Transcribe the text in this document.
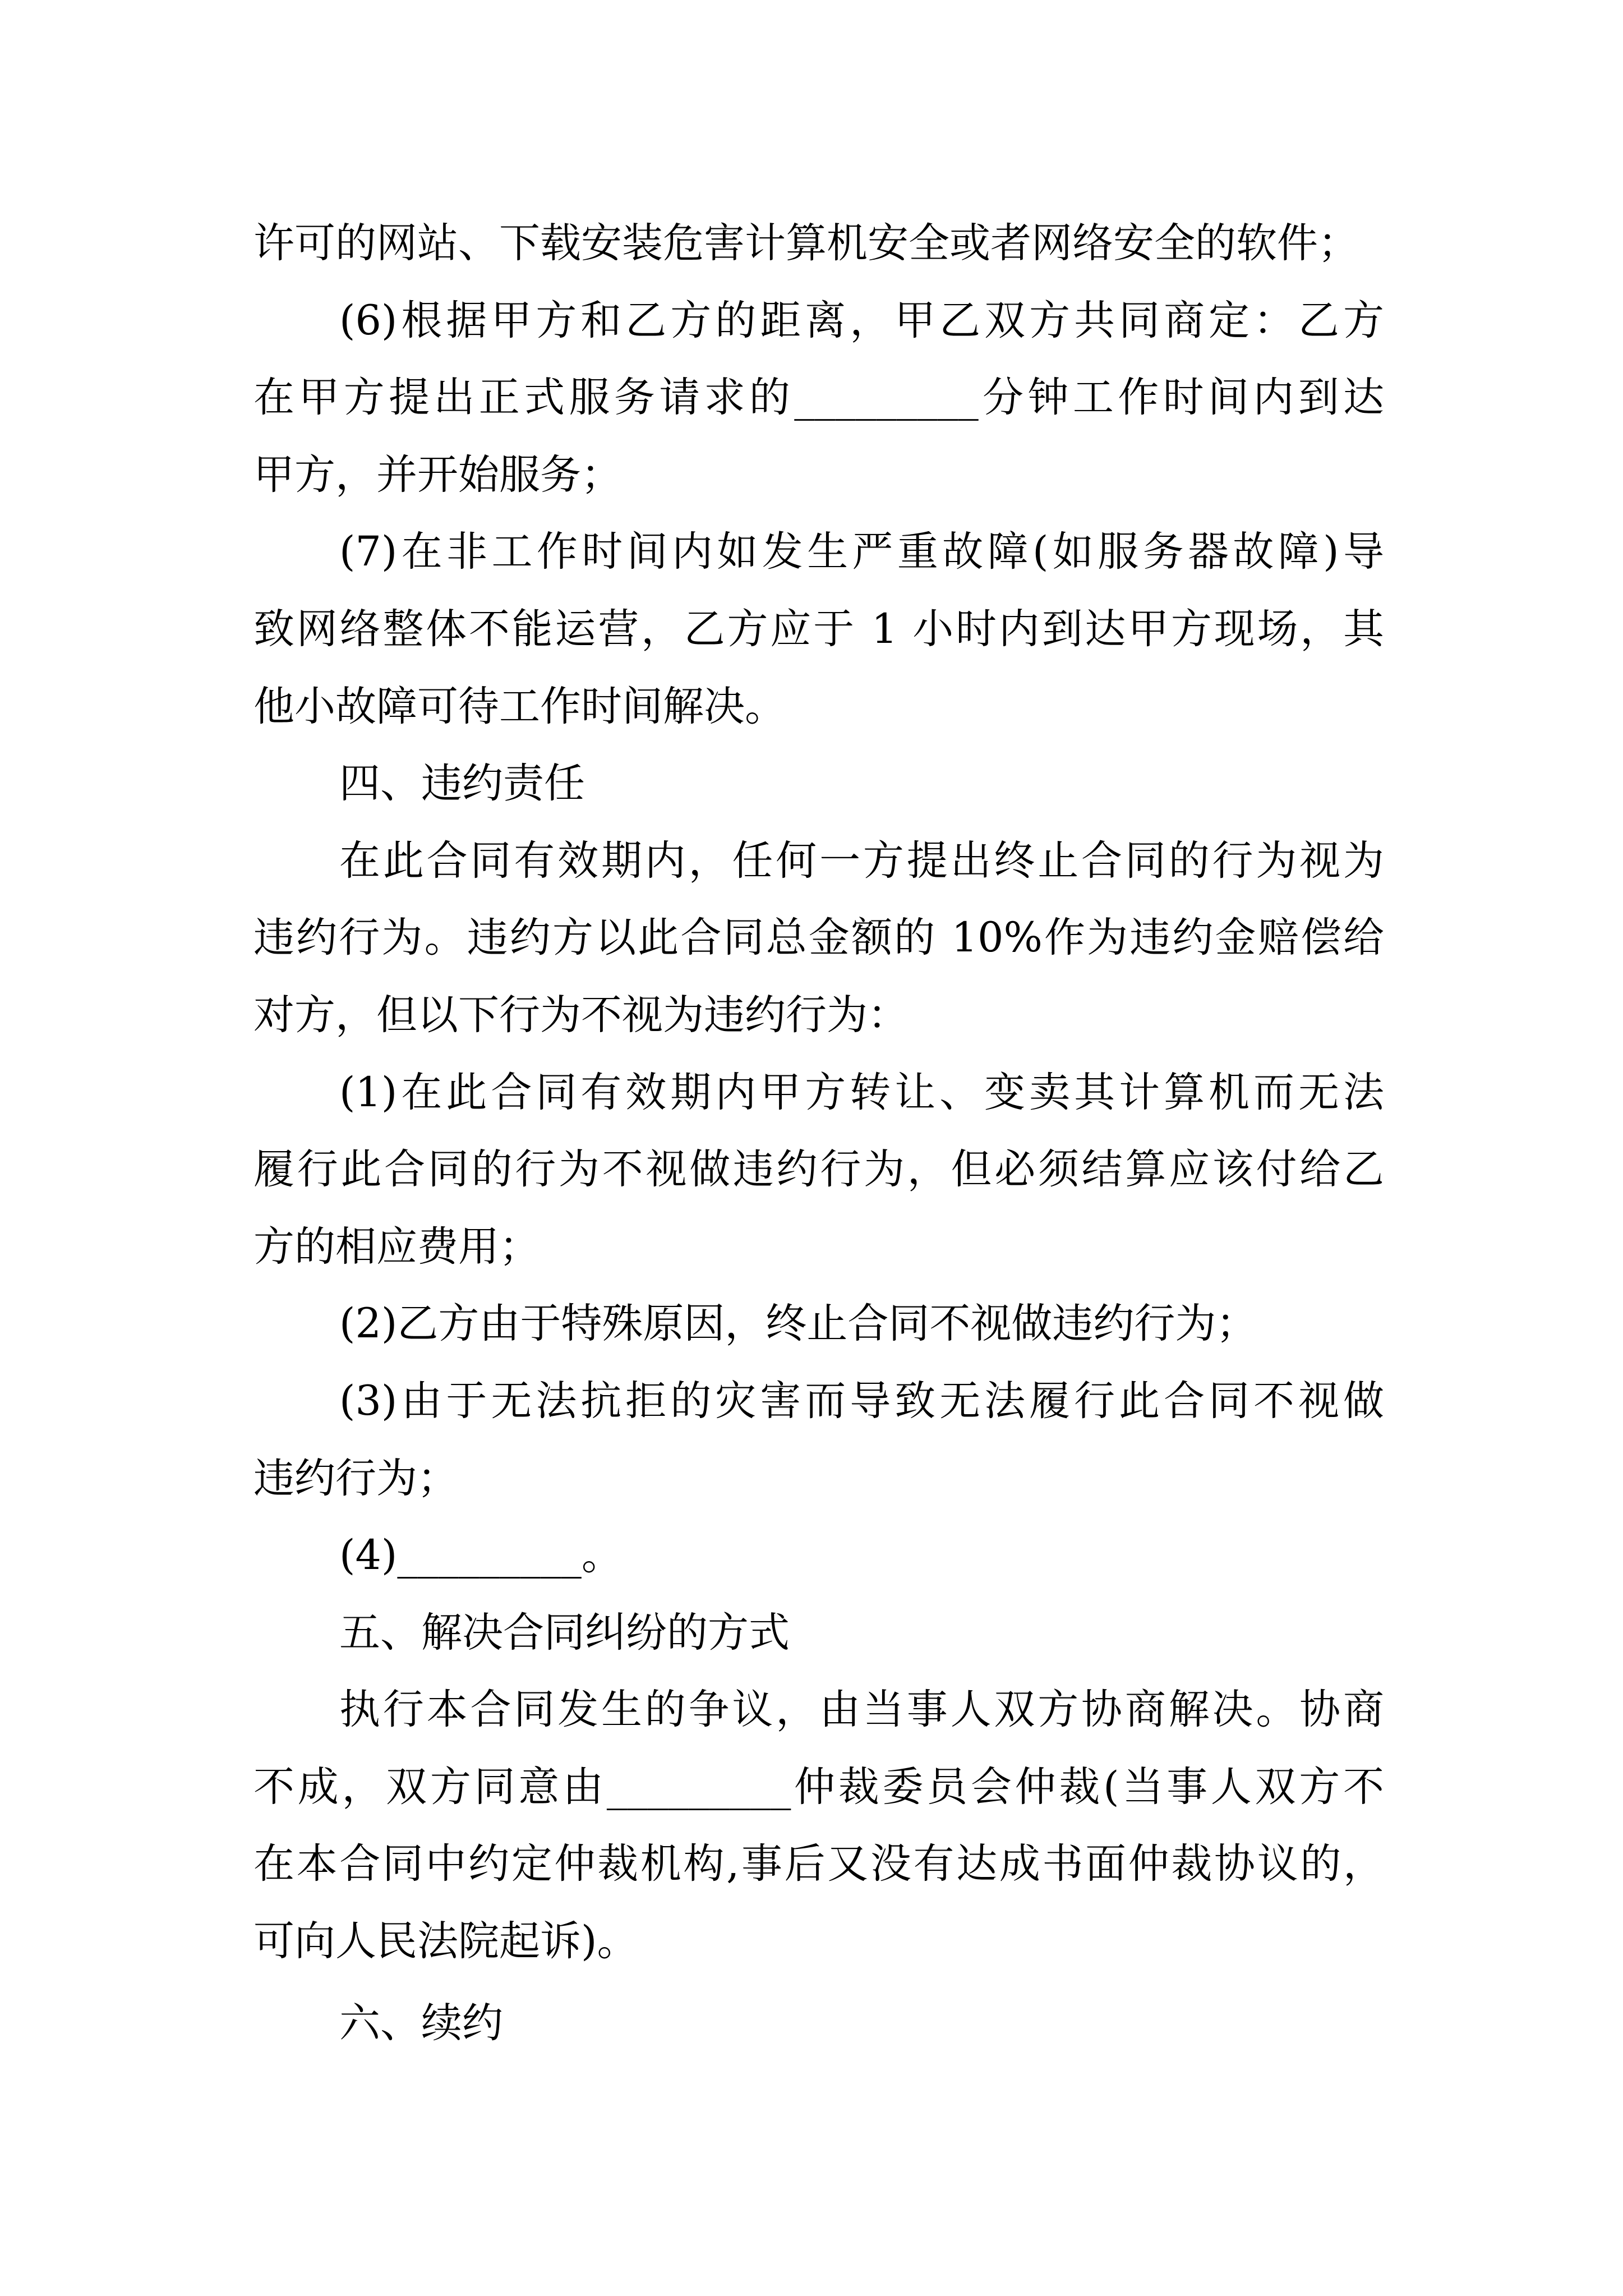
许可的网站、下载安装危害计算机安全或者网络安全的软件；
(6)根据甲方和乙方的距离，甲乙双方共同商定：乙方
在甲方提出正式服务请求的_________分钟工作时间内到达
甲方，并开始服务；
(7)在非工作时间内如发生严重故障(如服务器故障)导
致网络整体不能运营，乙方应于 1 小时内到达甲方现场，其
他小故障可待工作时间解决。
四、违约责任
在此合同有效期内，任何一方提出终止合同的行为视为
违约行为。违约方以此合同总金额的 10%作为违约金赔偿给
对方，但以下行为不视为违约行为：
(1)在此合同有效期内甲方转让、变卖其计算机而无法
履行此合同的行为不视做违约行为，但必须结算应该付给乙
方的相应费用；
(2)乙方由于特殊原因，终止合同不视做违约行为；
(3)由于无法抗拒的灾害而导致无法履行此合同不视做
违约行为；
(4)_________。
五、解决合同纠纷的方式
执行本合同发生的争议，由当事人双方协商解决。协商
不成，双方同意由_________仲裁委员会仲裁(当事人双方不
在本合同中约定仲裁机构,事后又没有达成书面仲裁协议的，
可向人民法院起诉)。
六、续约
